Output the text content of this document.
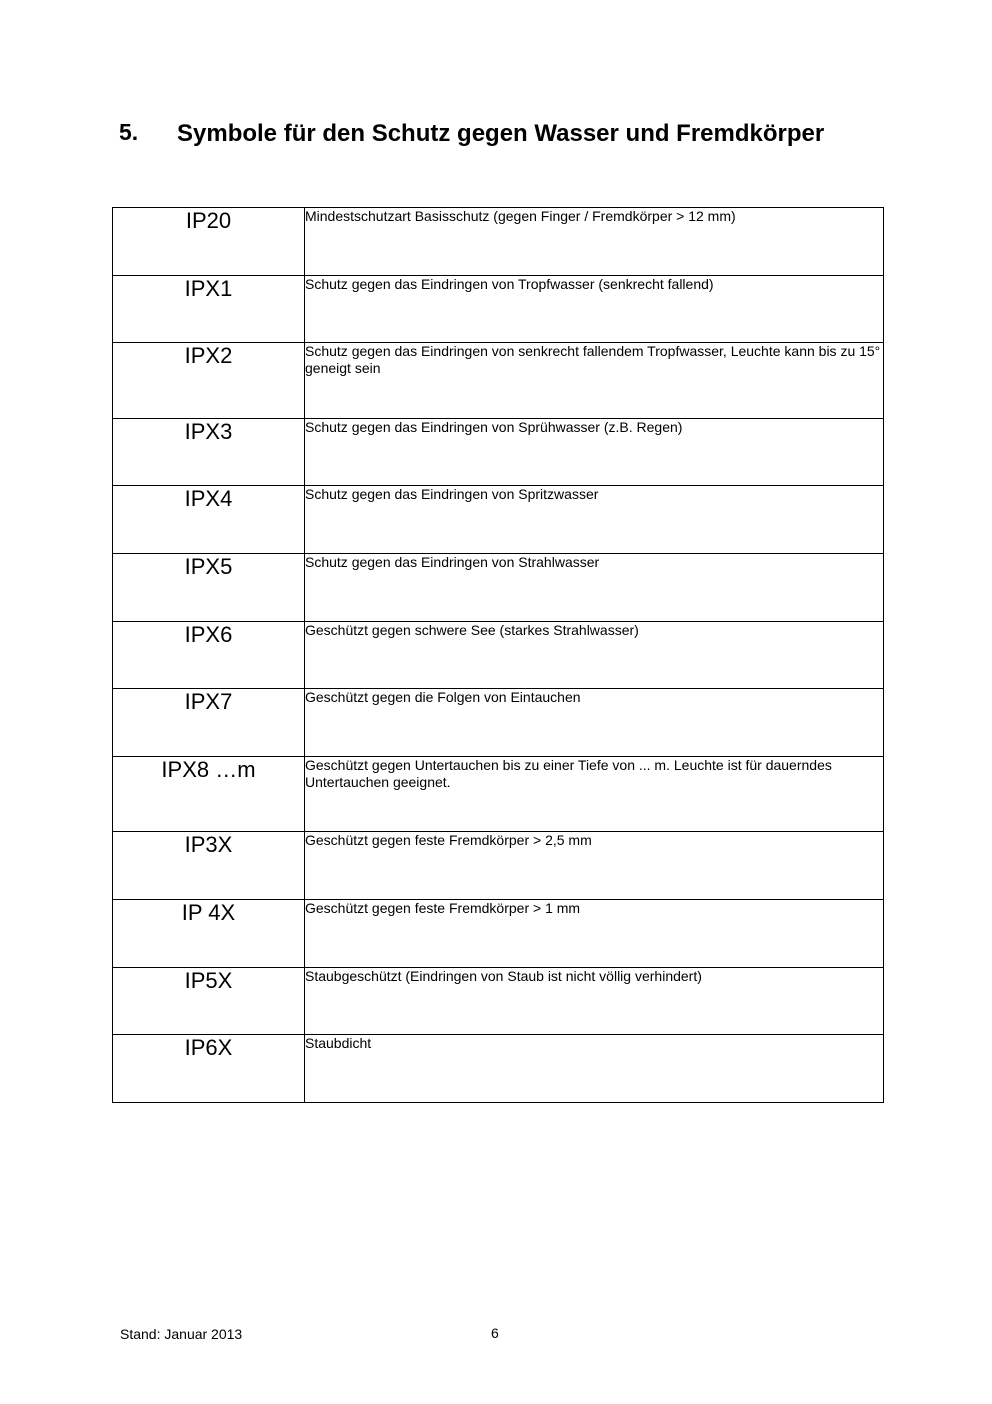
5. Symbole für den Schutz gegen Wasser und Fremdkörper
IP20	Mindestschutzart Basisschutz (gegen Finger / Fremdkörper > 12 mm)
IPX1	Schutz gegen das Eindringen von Tropfwasser (senkrecht fallend)
IPX2	Schutz gegen das Eindringen von senkrecht fallendem Tropfwasser, Leuchte kann bis zu 15° geneigt sein
IPX3	Schutz gegen das Eindringen von Sprühwasser (z.B. Regen)
IPX4	Schutz gegen das Eindringen von Spritzwasser
IPX5	Schutz gegen das Eindringen von Strahlwasser
IPX6	Geschützt gegen schwere See (starkes Strahlwasser)
IPX7	Geschützt gegen die Folgen von Eintauchen
IPX8 …m	Geschützt gegen Untertauchen bis zu einer Tiefe von ... m. Leuchte ist für dauerndes Untertauchen geeignet.
IP3X	Geschützt gegen feste Fremdkörper > 2,5 mm
IP 4X	Geschützt gegen feste Fremdkörper > 1 mm
IP5X	Staubgeschützt (Eindringen von Staub ist nicht völlig verhindert)
IP6X	Staubdicht
Stand: Januar 2013	6
